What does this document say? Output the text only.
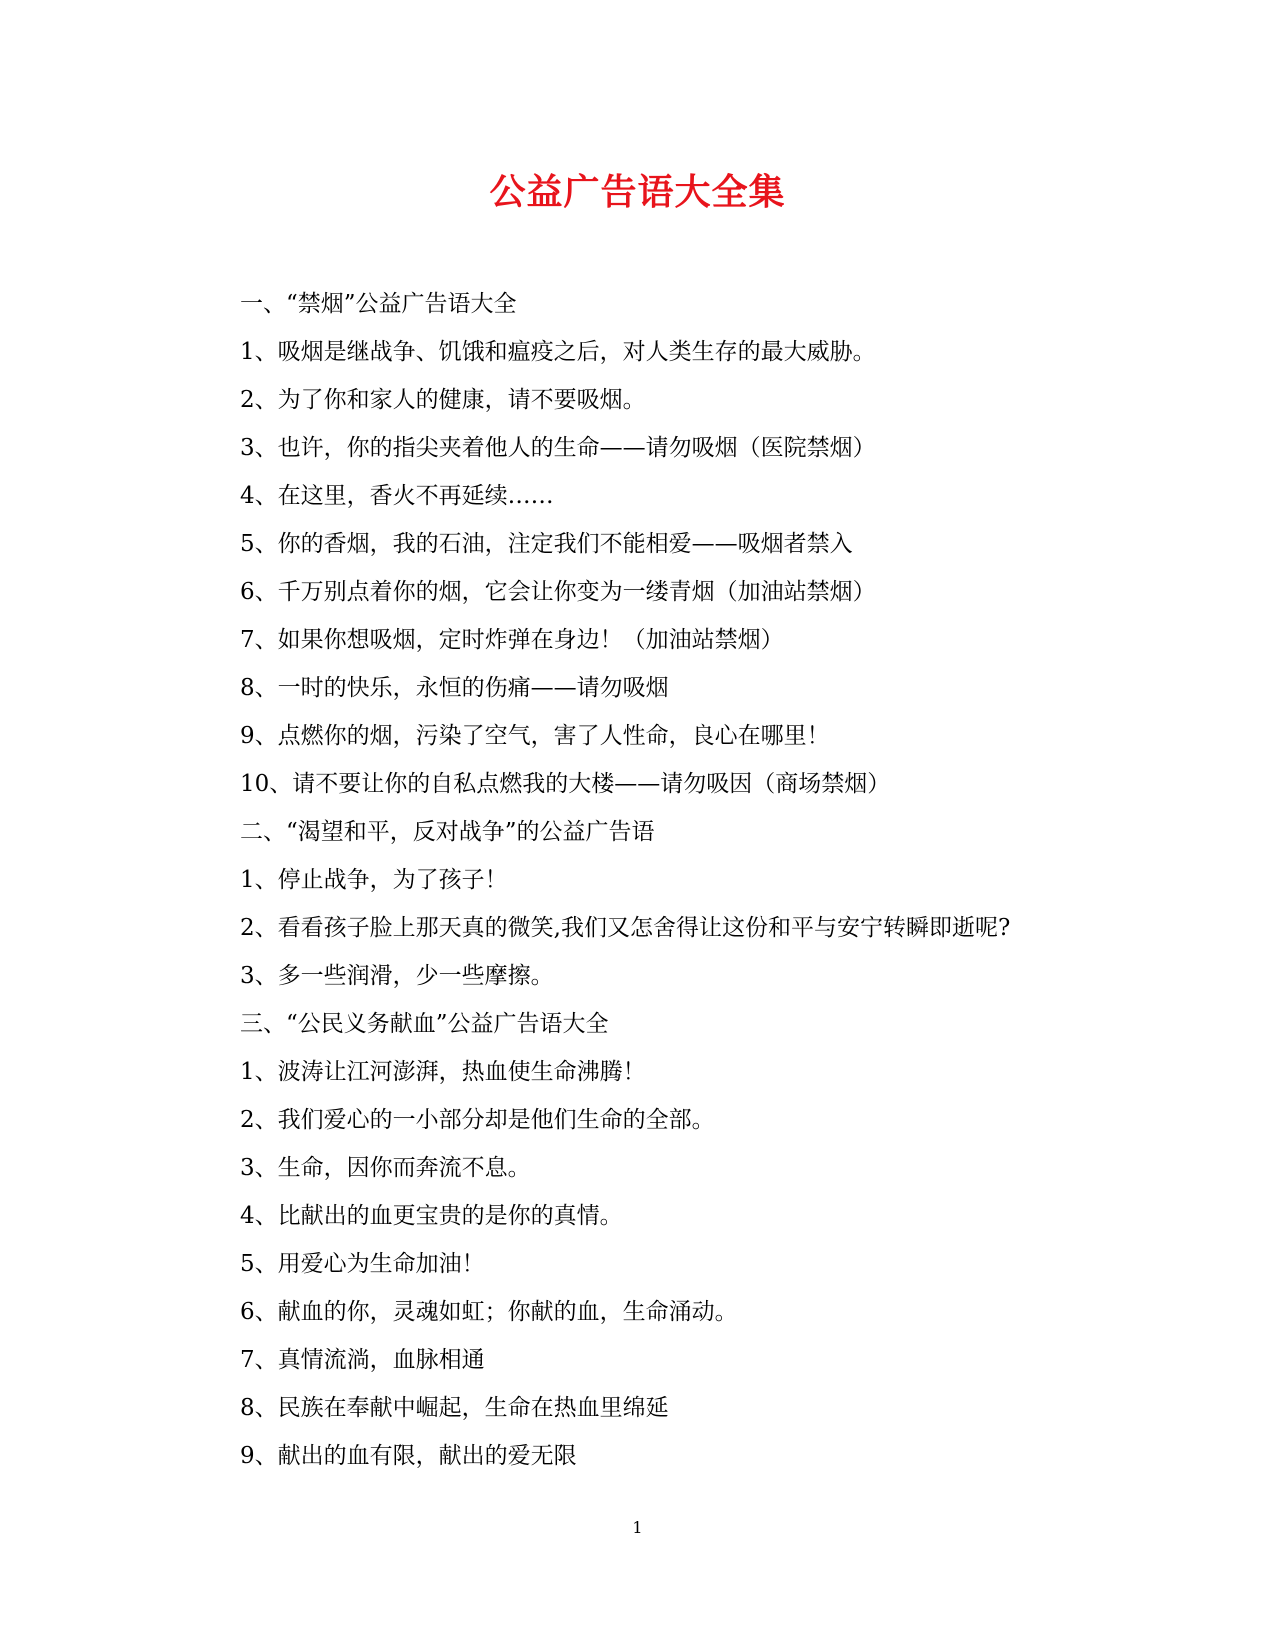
公益广告语大全集
一、“禁烟”公益广告语大全
1、吸烟是继战争、饥饿和瘟疫之后，对人类生存的最大威胁。
2、为了你和家人的健康，请不要吸烟。
3、也许，你的指尖夹着他人的生命——请勿吸烟（医院禁烟）
4、在这里，香火不再延续……
5、你的香烟，我的石油，注定我们不能相爱——吸烟者禁入
6、千万别点着你的烟，它会让你变为一缕青烟（加油站禁烟）
7、如果你想吸烟，定时炸弹在身边！（加油站禁烟）
8、一时的快乐，永恒的伤痛——请勿吸烟
9、点燃你的烟，污染了空气，害了人性命，良心在哪里！
10、请不要让你的自私点燃我的大楼——请勿吸因（商场禁烟）
二、“渴望和平，反对战争”的公益广告语
1、停止战争，为了孩子！
2、看看孩子脸上那天真的微笑,我们又怎舍得让这份和平与安宁转瞬即逝呢?
3、多一些润滑，少一些摩擦。
三、“公民义务献血”公益广告语大全
1、波涛让江河澎湃，热血使生命沸腾！
2、我们爱心的一小部分却是他们生命的全部。
3、生命，因你而奔流不息。
4、比献出的血更宝贵的是你的真情。
5、用爱心为生命加油！
6、献血的你，灵魂如虹；你献的血，生命涌动。
7、真情流淌，血脉相通
8、民族在奉献中崛起，生命在热血里绵延
9、献出的血有限，献出的爱无限
1
